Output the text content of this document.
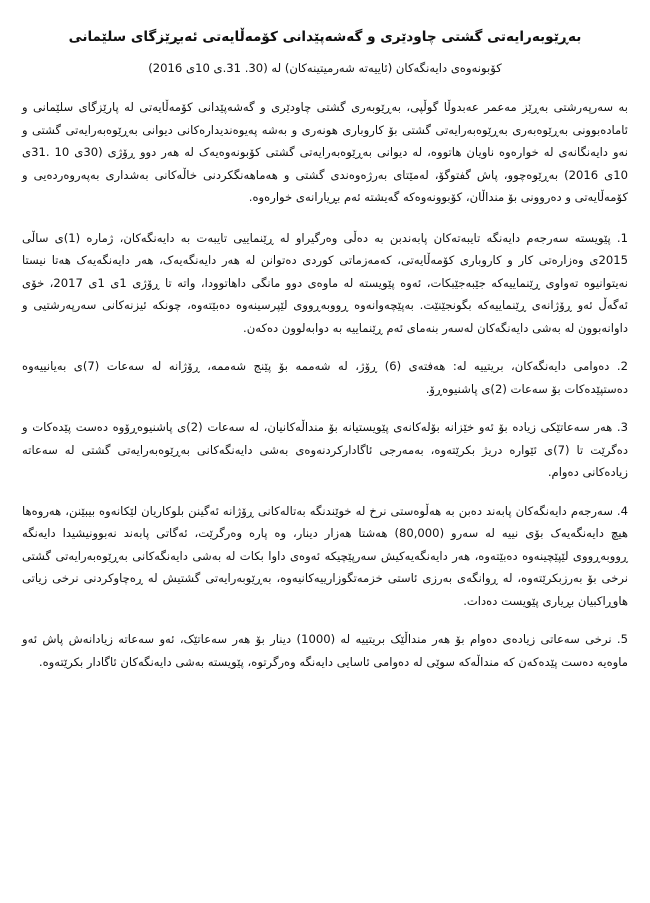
بەڕێوبەرایەتی گشتی چاودێری و گەشەپێدانی کۆمەڵایەتی ئەبڕێزگای سلێمانی
کۆبونەوەی دایەنگەکان (ئاییەتە شەرمیتینەکان) لە (30. 31.ی 10ی 2016)

بە سەرپەرشتی بەڕێز مەعمر عەبدوڵا گوڵپی، بەڕێوبەری گشتی چاودێری و گەشەپێدانی کۆمەڵایەتی لە پارێزگای سلێمانی و ئامادەبوونی بەڕێوەبەری بەڕێوەبەرایەتی گشتی بۆ کاروباری هونەری و بەشە پەیوەندیدارەکانی دیوانی بەڕێوەبەرایەتی گشتی و نەو دایەنگانەی لە خوارەوە ناویان هاتووە، لە دیوانی بەڕێوەبەرایەتی گشتی کۆبونەوەیەک لە هەر دوو ڕۆژی (30ی 10 .31ی 10ی 2016) بەڕێوەچوو، پاش گفتوگۆ، لەمێتای بەرژەوەندی گشتی و هەماهەنگکردنی خاڵەکانی بەشداری بەپەروەردەیی و کۆمەڵایەتی و دەروونی بۆ منداڵان، کۆبوونەوەکە گەیشتە ئەم بڕیارانەی خوارەوە.

1. پێویستە سەرجەم دایەنگە تایبەتەکان پابەندبن بە دەڵی وەرگیراو لە ڕێنماییی تایبەت بە دایەنگەکان، ژمارە (1)ی ساڵی 2015ی وەزارەتی کار و کاروباری کۆمەڵایەتی، کەمەزماتی کوردی دەتوانن لە هەر دایەنگەیەک، هەر دایەنگەیەک هەتا نیستا نەیتوانیوە تەواوی ڕێنماییەکە جێبەجێبکات، ئەوە پێویستە لە ماوەی دوو مانگی داهاتوودا، واتە تا ڕۆژی 1ی 1ی 2017، خۆی ئەگەڵ ئەو ڕۆژانەی ڕێنماییەکە بگونجێنێت. بەپێچەوانەوە ڕووبەڕووی لێپرسینەوە دەبێتەوە، چونکە ئیزنەکانی سەرپەرشتیی و داوانەبوون لە بەشی دایەنگەکان لەسەر بنەمای ئەم ڕێنماییە بە دوابەلوون دەکەن.

2. دەوامی دایەنگەکان، بریتییە لە: هەفتەی (6) ڕۆژ، لە شەممە بۆ پێنج شەممە، ڕۆژانە لە سەعات (7)ی بەیانییەوە دەستپێدەکات بۆ سەعات (2)ی پاشنیوەڕۆ.

3. هەر سەعاتێکی زیادە بۆ ئەو خێزانە بۆلەکانەی پێویستیانە بۆ منداڵەکانیان، لە سەعات (2)ی پاشنیوەڕۆوە دەست پێدەکات و دەگرێت تا (7)ی ئێوارە دریژ بکرێتەوە، بەمەرجی ئاگادارکردنەوەی بەشی دایەنگەکانی بەڕێوەبەرایەتی گشتی لە سەعاتە زیادەکانی دەوام.

4. سەرجەم دایەنگەکان پابەند دەبن بە هەڵوەستی نرخ لە خوێندنگە بەتالەکانی ڕۆژانە ئەگینن بلوکاریان لێکانەوە بیبێنن، هەروەها هیچ دایەنگەیەک بۆی نییە لە سەرو (80,000) هەشتا هەزار دینار، وە پارە وەرگرێت، ئەگاتی پابەند نەبوونیشیدا دایەنگە ڕووبەڕووی لێپێچینەوە دەبێتەوە، هەر دایەنگەیەکیش سەرپێچیکە ئەوەی داوا بکات لە بەشی دایەنگەکانی بەڕێوەبەرایەتی گشتی نرخی بۆ بەرزبکرێتەوە، لە ڕوانگەی بەرزی ئاستی خزمەتگوزارییەکانیەوە، بەڕێوبەرایەتی گشتیش لە ڕەچاوکردنی نرخی زیاتی هاوڕاکبیان بڕیاری پێویست دەدات.

5. نرخی سەعاتی زیادەی دەوام بۆ هەر منداڵێک بریتییە لە (1000) دینار بۆ هەر سەعاتێک، ئەو سەعاتە زیادانەش پاش ئەو ماوەیە دەست پێدەکەن کە منداڵەکە سوێی لە دەوامی ئاسایی دایەنگە وەرگرتوە، پێویستە بەشی دایەنگەکان ئاگادار بکرێتەوە.
